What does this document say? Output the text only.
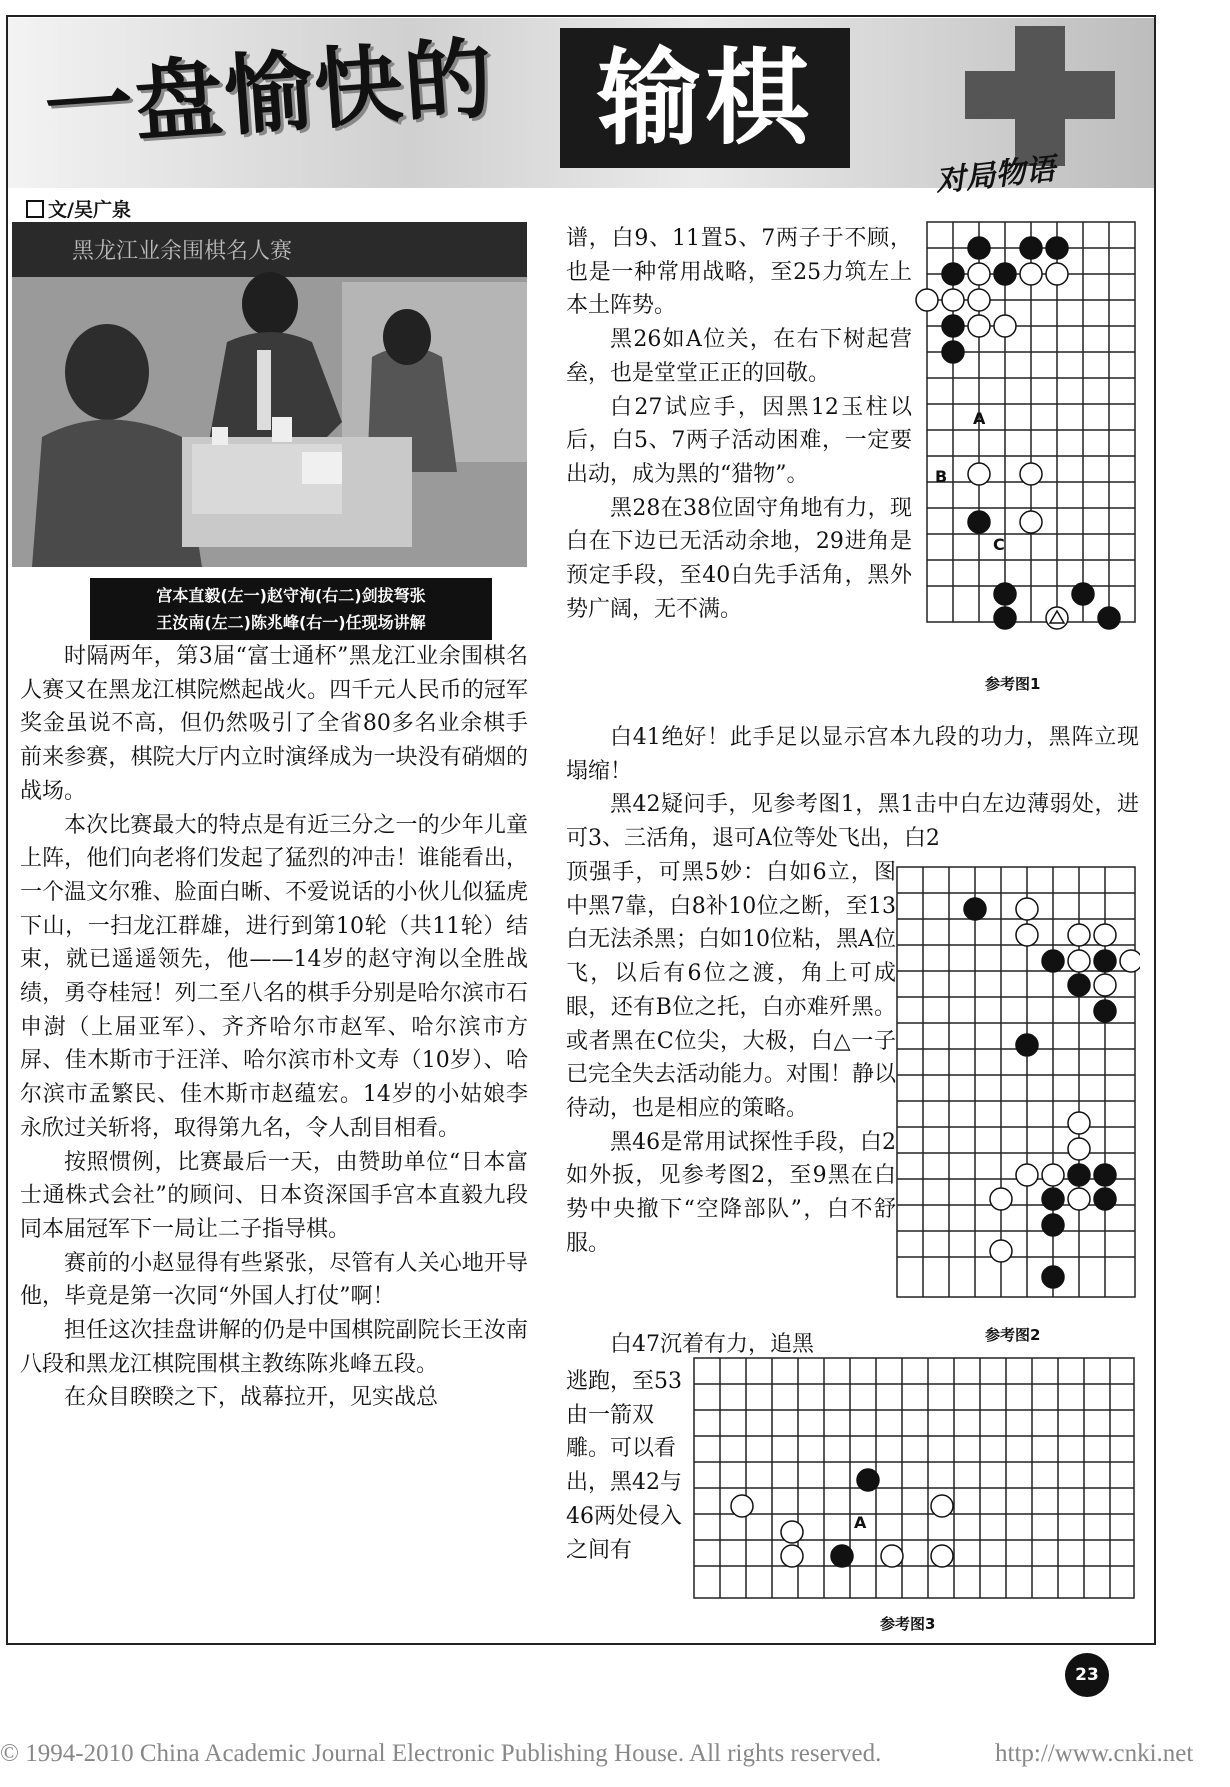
一盘愉快的 输棋
对局物语
文/吴广泉
黑龙江业余围棋名人赛
宫本直毅(左一)赵守洵(右二)剑拔弩张
王汝南(左二)陈兆峰(右一)任现场讲解

时隔两年，第3届“富士通杯”黑龙江业余围棋名人赛又在黑龙江棋院燃起战火。四千元人民币的冠军奖金虽说不高，但仍然吸引了全省80多名业余棋手前来参赛，棋院大厅内立时演绎成为一块没有硝烟的战场。

本次比赛最大的特点是有近三分之一的少年儿童上阵，他们向老将们发起了猛烈的冲击！谁能看出，一个温文尔雅、脸面白晰、不爱说话的小伙儿似猛虎下山，一扫龙江群雄，进行到第10轮（共11轮）结束，就已遥遥领先，他——14岁的赵守洵以全胜战绩，勇夺桂冠！列二至八名的棋手分别是哈尔滨市石申澍（上届亚军）、齐齐哈尔市赵军、哈尔滨市方屏、佳木斯市于汪洋、哈尔滨市朴文寿（10岁）、哈尔滨市孟繁民、佳木斯市赵蕴宏。14岁的小姑娘李永欣过关斩将，取得第九名，令人刮目相看。

按照惯例，比赛最后一天，由赞助单位“日本富士通株式会社”的顾问、日本资深国手宫本直毅九段同本届冠军下一局让二子指导棋。

赛前的小赵显得有些紧张，尽管有人关心地开导他，毕竟是第一次同“外国人打仗”啊！

担任这次挂盘讲解的仍是中国棋院副院长王汝南八段和黑龙江棋院围棋主教练陈兆峰五段。

在众目睽睽之下，战幕拉开，见实战总

谱，白9、11置5、7两子于不顾，也是一种常用战略，至25力筑左上本土阵势。

黑26如A位关，在右下树起营垒，也是堂堂正正的回敬。

白27试应手，因黑12玉柱以后，白5、7两子活动困难，一定要出动，成为黑的“猎物”。

黑28在38位固守角地有力，现白在下边已无活动余地，29进角是预定手段，至40白先手活角，黑外势广阔，无不满。

白41绝好！此手足以显示宫本九段的功力，黑阵立现塌缩！

黑42疑问手，见参考图1，黑1击中白左边薄弱处，进可3、三活角，退可A位等处飞出，白2

顶强手，可黑5妙：白如6立，图中黑7靠，白8补10位之断，至13白无法杀黑；白如10位粘，黑A位飞，以后有6位之渡，角上可成眼，还有B位之托，白亦难歼黑。或者黑在C位尖，大极，白△一子已完全失去活动能力。对围！静以待动，也是相应的策略。

黑46是常用试探性手段，白2如外扳，见参考图2，至9黑在白势中央撤下“空降部队”，白不舒服。

白47沉着有力，追黑
逃跑，至53由一箭双雕。可以看出，黑42与46两处侵入之间有
A
B
C
参考图1
参考图2
A
参考图3
23
© 1994-2010 China Academic Journal Electronic Publishing House. All rights reserved.	http://www.cnki.net
